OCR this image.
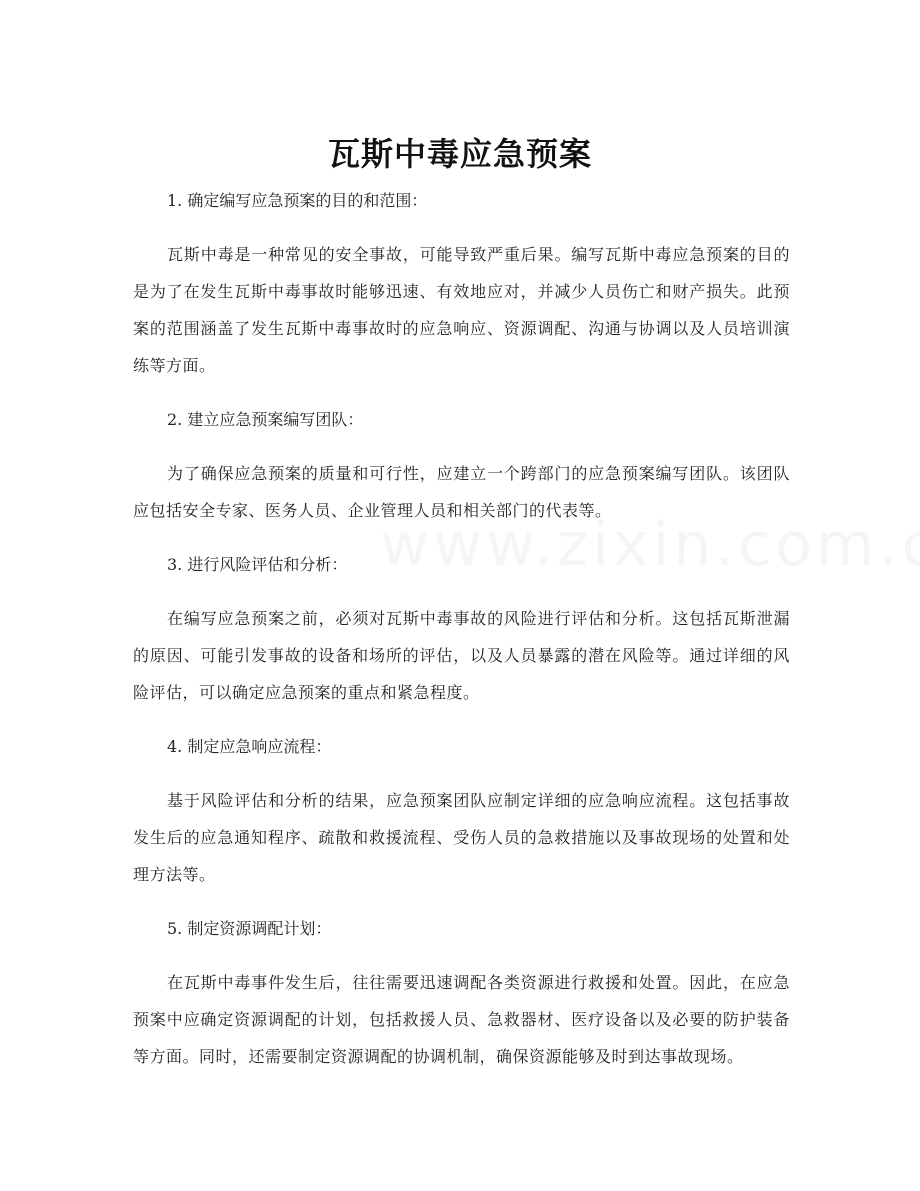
瓦斯中毒应急预案

1. 确定编写应急预案的目的和范围：

瓦斯中毒是一种常见的安全事故，可能导致严重后果。编写瓦斯中毒应急预案的目的是为了在发生瓦斯中毒事故时能够迅速、有效地应对，并减少人员伤亡和财产损失。此预案的范围涵盖了发生瓦斯中毒事故时的应急响应、资源调配、沟通与协调以及人员培训演练等方面。

2. 建立应急预案编写团队：

为了确保应急预案的质量和可行性，应建立一个跨部门的应急预案编写团队。该团队应包括安全专家、医务人员、企业管理人员和相关部门的代表等。

3. 进行风险评估和分析：

在编写应急预案之前，必须对瓦斯中毒事故的风险进行评估和分析。这包括瓦斯泄漏的原因、可能引发事故的设备和场所的评估，以及人员暴露的潜在风险等。通过详细的风险评估，可以确定应急预案的重点和紧急程度。

4. 制定应急响应流程：

基于风险评估和分析的结果，应急预案团队应制定详细的应急响应流程。这包括事故发生后的应急通知程序、疏散和救援流程、受伤人员的急救措施以及事故现场的处置和处理方法等。

5. 制定资源调配计划：

在瓦斯中毒事件发生后，往往需要迅速调配各类资源进行救援和处置。因此，在应急预案中应确定资源调配的计划，包括救援人员、急救器材、医疗设备以及必要的防护装备等方面。同时，还需要制定资源调配的协调机制，确保资源能够及时到达事故现场。
